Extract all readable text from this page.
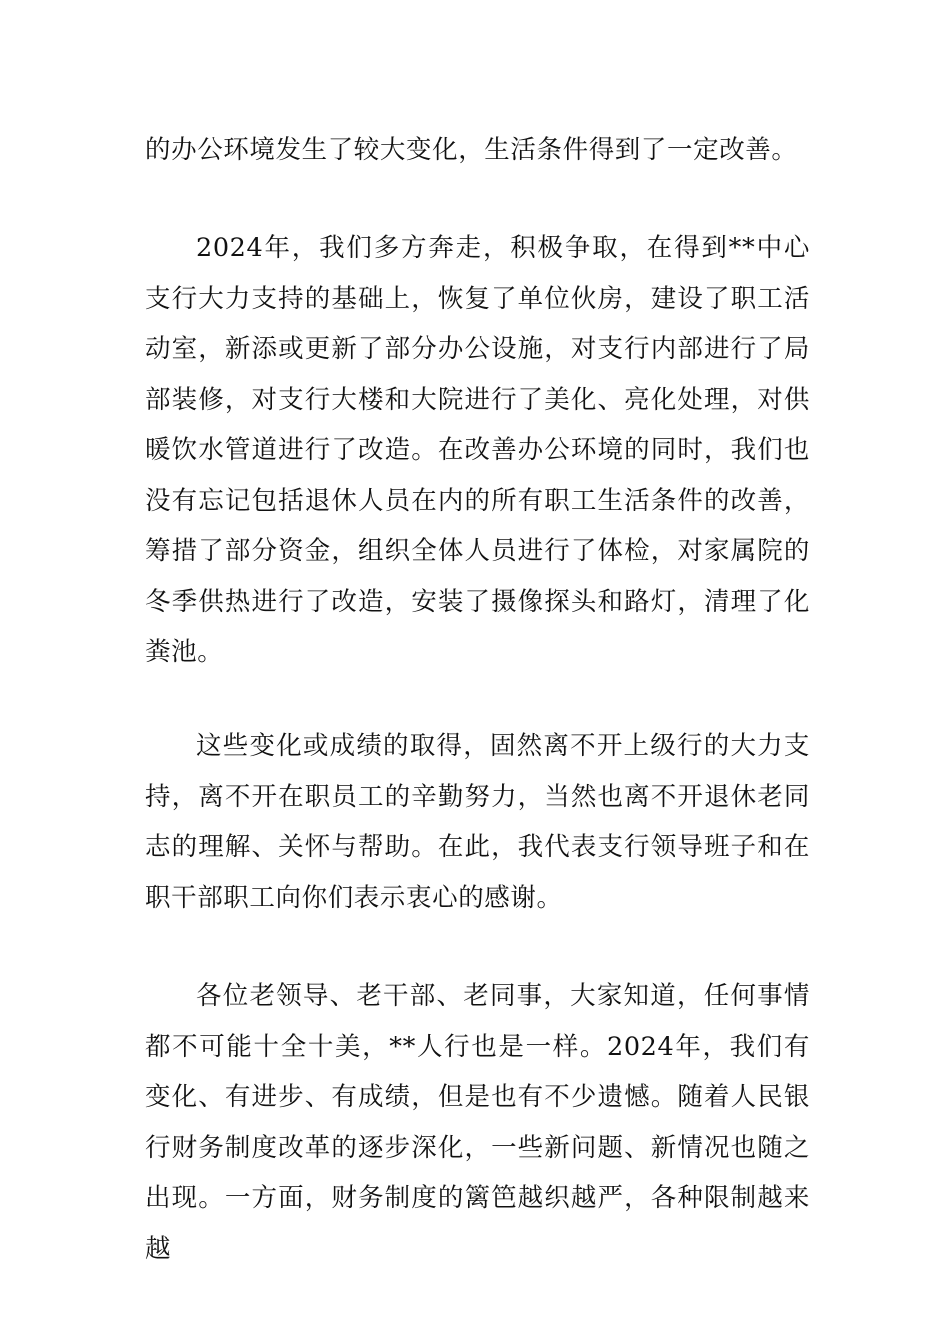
的办公环境发生了较大变化，生活条件得到了一定改善。

2024年，我们多方奔走，积极争取，在得到**中心支行大力支持的基础上，恢复了单位伙房，建设了职工活动室，新添或更新了部分办公设施，对支行内部进行了局部装修，对支行大楼和大院进行了美化、亮化处理，对供暖饮水管道进行了改造。在改善办公环境的同时，我们也没有忘记包括退休人员在内的所有职工生活条件的改善，筹措了部分资金，组织全体人员进行了体检，对家属院的冬季供热进行了改造，安装了摄像探头和路灯，清理了化粪池。

这些变化或成绩的取得，固然离不开上级行的大力支持，离不开在职员工的辛勤努力，当然也离不开退休老同志的理解、关怀与帮助。在此，我代表支行领导班子和在职干部职工向你们表示衷心的感谢。

各位老领导、老干部、老同事，大家知道，任何事情都不可能十全十美，**人行也是一样。2024年，我们有变化、有进步、有成绩，但是也有不少遗憾。随着人民银行财务制度改革的逐步深化，一些新问题、新情况也随之出现。一方面，财务制度的篱笆越织越严，各种限制越来越
